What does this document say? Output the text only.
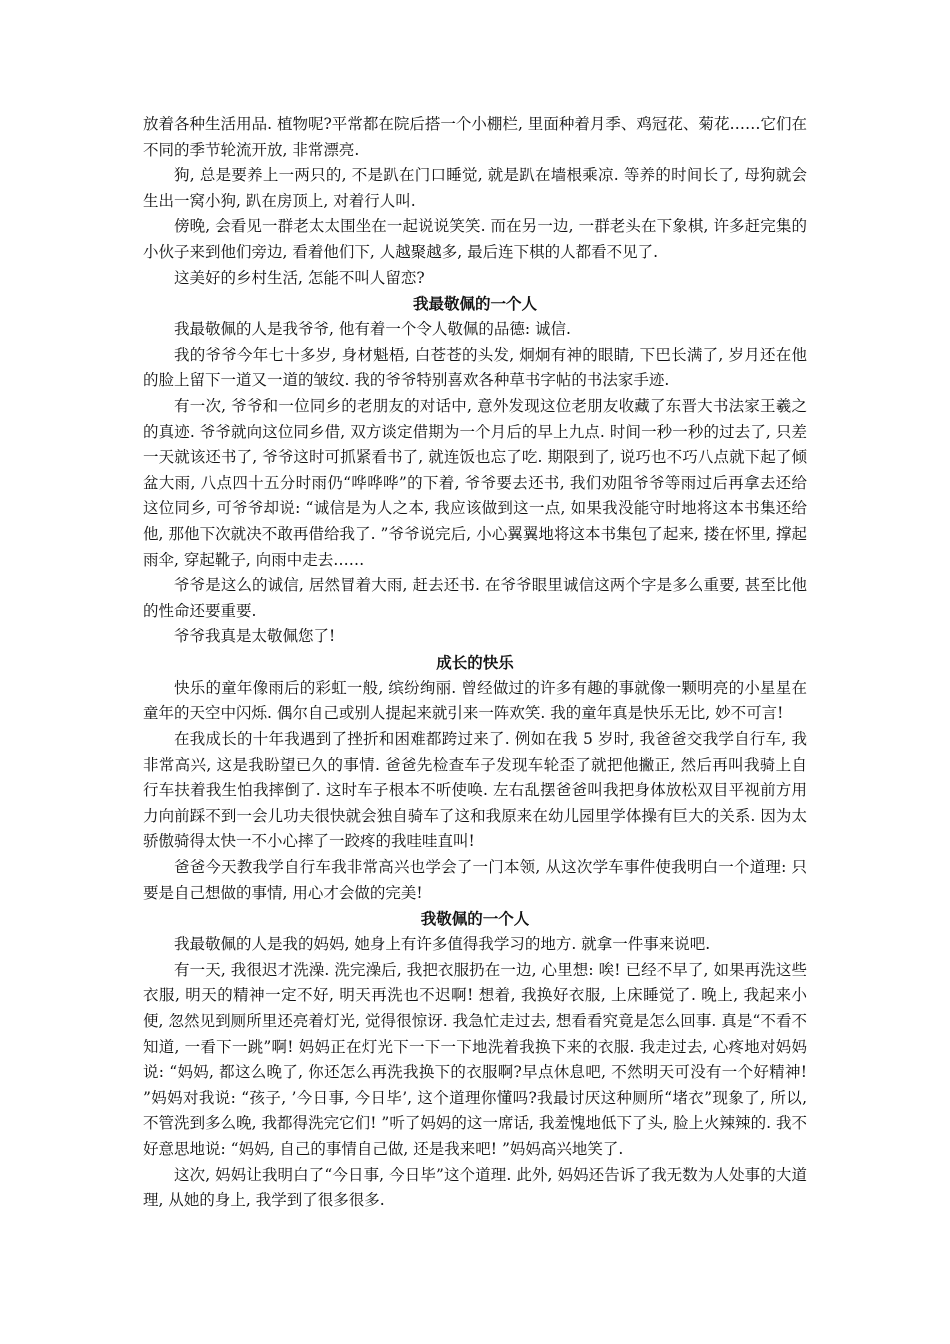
放着各种生活用品. 植物呢?平常都在院后搭一个小棚栏, 里面种着月季、鸡冠花、菊花……它们在不同的季节轮流开放, 非常漂亮.

狗, 总是要养上一两只的, 不是趴在门口睡觉, 就是趴在墙根乘凉. 等养的时间长了, 母狗就会生出一窝小狗, 趴在房顶上, 对着行人叫.

傍晚, 会看见一群老太太围坐在一起说说笑笑. 而在另一边, 一群老头在下象棋, 许多赶完集的小伙子来到他们旁边, 看着他们下, 人越聚越多, 最后连下棋的人都看不见了.

这美好的乡村生活, 怎能不叫人留恋?

我最敬佩的一个人

我最敬佩的人是我爷爷, 他有着一个令人敬佩的品德: 诚信.

我的爷爷今年七十多岁, 身材魁梧, 白苍苍的头发, 炯炯有神的眼睛, 下巴长满了, 岁月还在他的脸上留下一道又一道的皱纹. 我的爷爷特别喜欢各种草书字帖的书法家手迹.

有一次, 爷爷和一位同乡的老朋友的对话中, 意外发现这位老朋友收藏了东晋大书法家王羲之的真迹. 爷爷就向这位同乡借, 双方谈定借期为一个月后的早上九点. 时间一秒一秒的过去了, 只差一天就该还书了, 爷爷这时可抓紧看书了, 就连饭也忘了吃. 期限到了, 说巧也不巧八点就下起了倾盆大雨, 八点四十五分时雨仍“哗哗哗”的下着, 爷爷要去还书, 我们劝阻爷爷等雨过后再拿去还给这位同乡, 可爷爷却说: “诚信是为人之本, 我应该做到这一点, 如果我没能守时地将这本书集还给他, 那他下次就决不敢再借给我了. ”爷爷说完后, 小心翼翼地将这本书集包了起来, 搂在怀里, 撑起雨伞, 穿起靴子, 向雨中走去……

爷爷是这么的诚信, 居然冒着大雨, 赶去还书. 在爷爷眼里诚信这两个字是多么重要, 甚至比他的性命还要重要.

爷爷我真是太敬佩您了!

成长的快乐

快乐的童年像雨后的彩虹一般, 缤纷绚丽. 曾经做过的许多有趣的事就像一颗明亮的小星星在童年的天空中闪烁. 偶尔自己或别人提起来就引来一阵欢笑. 我的童年真是快乐无比, 妙不可言!

在我成长的十年我遇到了挫折和困难都跨过来了. 例如在我 5 岁时, 我爸爸交我学自行车, 我非常高兴, 这是我盼望已久的事情. 爸爸先检查车子发现车轮歪了就把他撇正, 然后再叫我骑上自行车扶着我生怕我摔倒了. 这时车子根本不听使唤. 左右乱摆爸爸叫我把身体放松双目平视前方用力向前踩不到一会儿功夫很快就会独自骑车了这和我原来在幼儿园里学体操有巨大的关系. 因为太骄傲骑得太快一不小心摔了一跤疼的我哇哇直叫!

爸爸今天教我学自行车我非常高兴也学会了一门本领, 从这次学车事件使我明白一个道理: 只要是自己想做的事情, 用心才会做的完美!

我敬佩的一个人

我最敬佩的人是我的妈妈, 她身上有许多值得我学习的地方. 就拿一件事来说吧.

有一天, 我很迟才洗澡. 洗完澡后, 我把衣服扔在一边, 心里想: 唉! 已经不早了, 如果再洗这些衣服, 明天的精神一定不好, 明天再洗也不迟啊! 想着, 我换好衣服, 上床睡觉了. 晚上, 我起来小便, 忽然见到厕所里还亮着灯光, 觉得很惊讶. 我急忙走过去, 想看看究竟是怎么回事. 真是“不看不知道, 一看下一跳”啊! 妈妈正在灯光下一下一下地洗着我换下来的衣服. 我走过去, 心疼地对妈妈说: “妈妈, 都这么晚了, 你还怎么再洗我换下的衣服啊?早点休息吧, 不然明天可没有一个好精神! ”妈妈对我说: “孩子, ’今日事, 今日毕’, 这个道理你懂吗?我最讨厌这种厕所“堵衣”现象了, 所以, 不管洗到多么晚, 我都得洗完它们! ”听了妈妈的这一席话, 我羞愧地低下了头, 脸上火辣辣的. 我不好意思地说: “妈妈, 自己的事情自己做, 还是我来吧! ”妈妈高兴地笑了.

这次, 妈妈让我明白了“今日事, 今日毕”这个道理. 此外, 妈妈还告诉了我无数为人处事的大道理, 从她的身上, 我学到了很多很多.
